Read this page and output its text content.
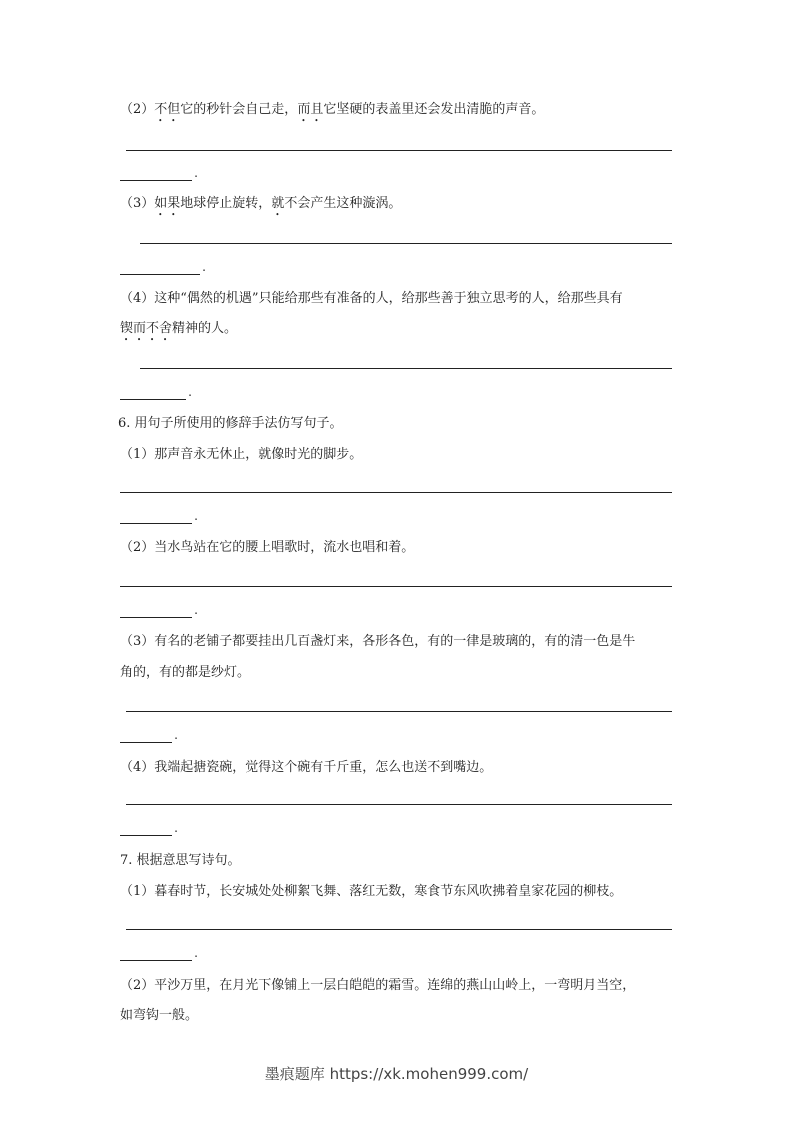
（2）不但它的秒针会自己走，而且它坚硬的表盖里还会发出清脆的声音。
.
（3）如果地球停止旋转，就不会产生这种漩涡。
.
（4）这种“偶然的机遇”只能给那些有准备的人，给那些善于独立思考的人，给那些具有
锲而不舍精神的人。
.
6. 用句子所使用的修辞手法仿写句子。
（1）那声音永无休止，就像时光的脚步。
.
（2）当水鸟站在它的腰上唱歌时，流水也唱和着。
.
（3）有名的老铺子都要挂出几百盏灯来，各形各色，有的一律是玻璃的，有的清一色是牛
角的，有的都是纱灯。
.
（4）我端起搪瓷碗，觉得这个碗有千斤重，怎么也送不到嘴边。
.
7. 根据意思写诗句。
（1）暮春时节，长安城处处柳絮飞舞、落红无数，寒食节东风吹拂着皇家花园的柳枝。
.
（2）平沙万里，在月光下像铺上一层白皑皑的霜雪。连绵的燕山山岭上，一弯明月当空，
如弯钩一般。
墨痕题库 https://xk.mohen999.com/
